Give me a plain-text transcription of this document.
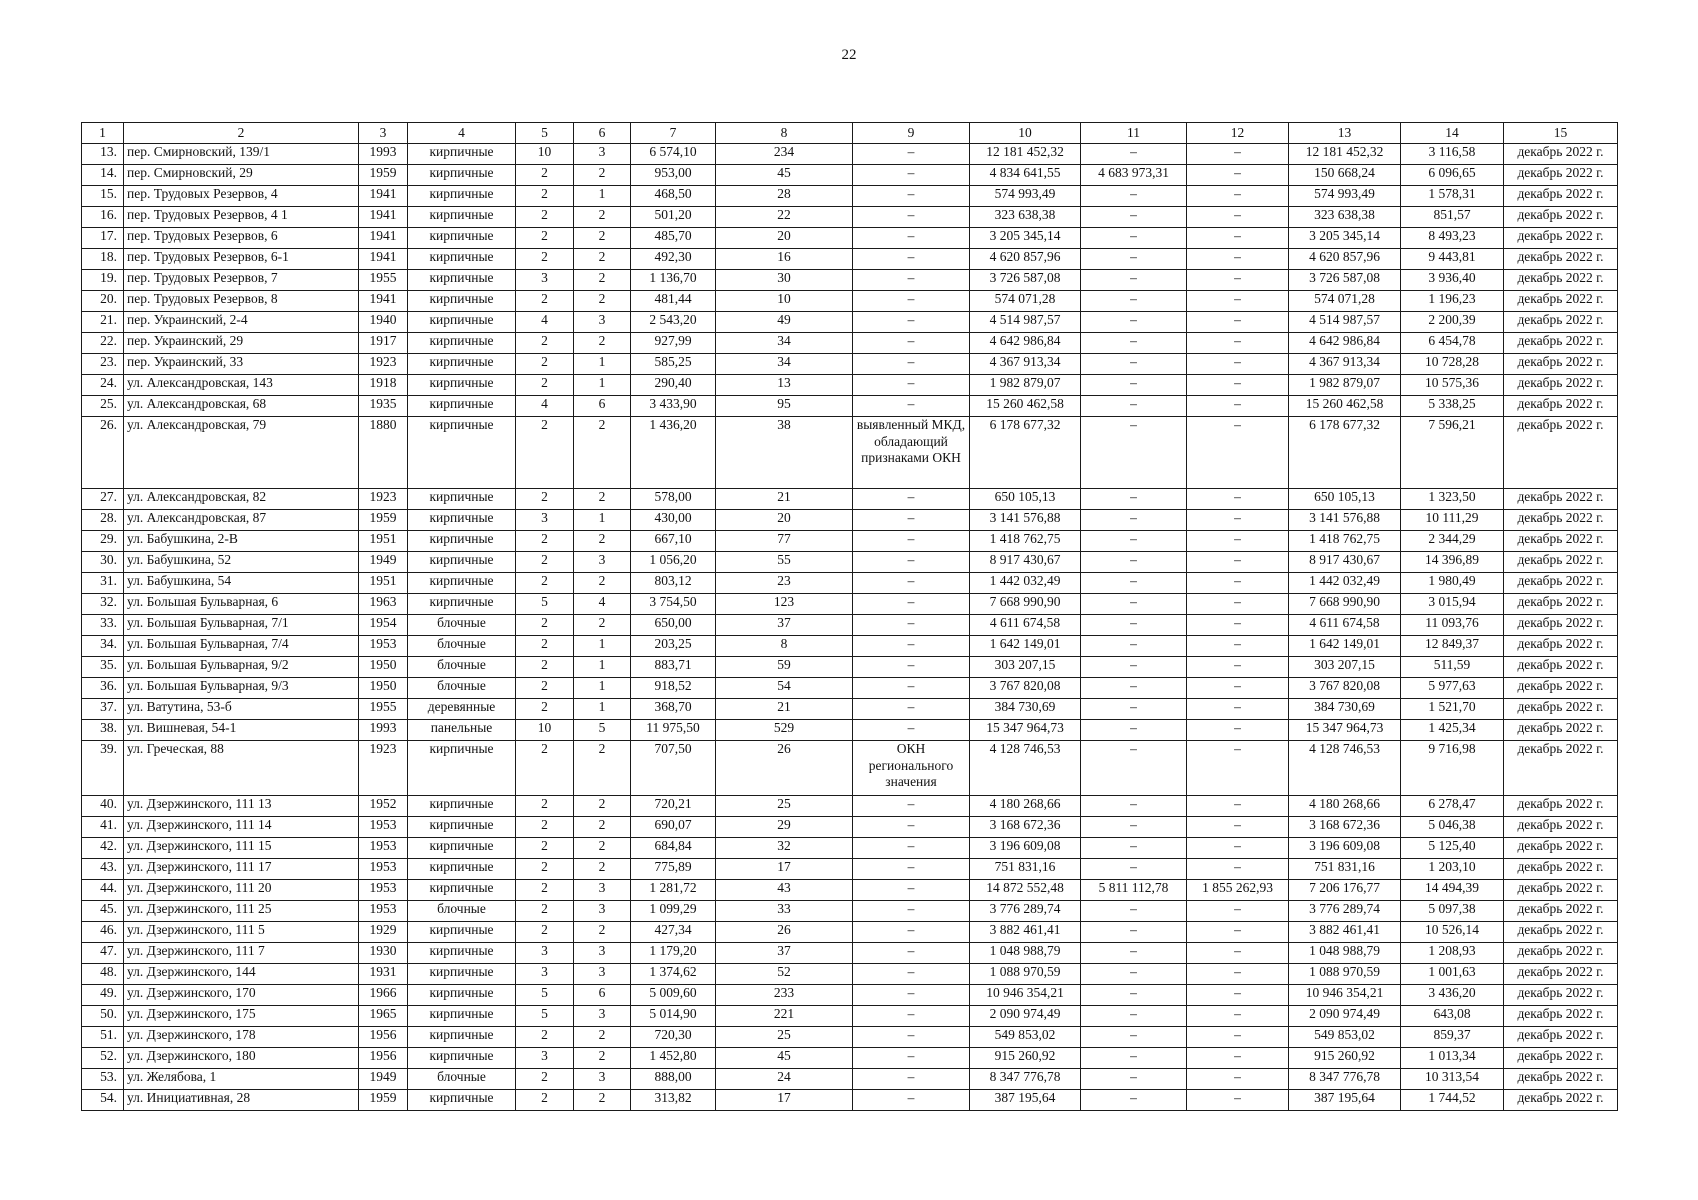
22
1	2	3	4	5	6	7	8	9	10	11	12	13	14	15
13.	пер. Смирновский, 139/1	1993	кирпичные	10	3	6 574,10	234	–	12 181 452,32	–	–	12 181 452,32	3 116,58	декабрь 2022 г.
14.	пер. Смирновский, 29	1959	кирпичные	2	2	953,00	45	–	4 834 641,55	4 683 973,31	–	150 668,24	6 096,65	декабрь 2022 г.
15.	пер. Трудовых Резервов, 4	1941	кирпичные	2	1	468,50	28	–	574 993,49	–	–	574 993,49	1 578,31	декабрь 2022 г.
16.	пер. Трудовых Резервов, 4 1	1941	кирпичные	2	2	501,20	22	–	323 638,38	–	–	323 638,38	851,57	декабрь 2022 г.
17.	пер. Трудовых Резервов, 6	1941	кирпичные	2	2	485,70	20	–	3 205 345,14	–	–	3 205 345,14	8 493,23	декабрь 2022 г.
18.	пер. Трудовых Резервов, 6-1	1941	кирпичные	2	2	492,30	16	–	4 620 857,96	–	–	4 620 857,96	9 443,81	декабрь 2022 г.
19.	пер. Трудовых Резервов, 7	1955	кирпичные	3	2	1 136,70	30	–	3 726 587,08	–	–	3 726 587,08	3 936,40	декабрь 2022 г.
20.	пер. Трудовых Резервов, 8	1941	кирпичные	2	2	481,44	10	–	574 071,28	–	–	574 071,28	1 196,23	декабрь 2022 г.
21.	пер. Украинский, 2-4	1940	кирпичные	4	3	2 543,20	49	–	4 514 987,57	–	–	4 514 987,57	2 200,39	декабрь 2022 г.
22.	пер. Украинский, 29	1917	кирпичные	2	2	927,99	34	–	4 642 986,84	–	–	4 642 986,84	6 454,78	декабрь 2022 г.
23.	пер. Украинский, 33	1923	кирпичные	2	1	585,25	34	–	4 367 913,34	–	–	4 367 913,34	10 728,28	декабрь 2022 г.
24.	ул. Александровская, 143	1918	кирпичные	2	1	290,40	13	–	1 982 879,07	–	–	1 982 879,07	10 575,36	декабрь 2022 г.
25.	ул. Александровская, 68	1935	кирпичные	4	6	3 433,90	95	–	15 260 462,58	–	–	15 260 462,58	5 338,25	декабрь 2022 г.
26.	ул. Александровская, 79	1880	кирпичные	2	2	1 436,20	38	выявленный МКД, обладающий признаками ОКН	6 178 677,32	–	–	6 178 677,32	7 596,21	декабрь 2022 г.
27.	ул. Александровская, 82	1923	кирпичные	2	2	578,00	21	–	650 105,13	–	–	650 105,13	1 323,50	декабрь 2022 г.
28.	ул. Александровская, 87	1959	кирпичные	3	1	430,00	20	–	3 141 576,88	–	–	3 141 576,88	10 111,29	декабрь 2022 г.
29.	ул. Бабушкина, 2-В	1951	кирпичные	2	2	667,10	77	–	1 418 762,75	–	–	1 418 762,75	2 344,29	декабрь 2022 г.
30.	ул. Бабушкина, 52	1949	кирпичные	2	3	1 056,20	55	–	8 917 430,67	–	–	8 917 430,67	14 396,89	декабрь 2022 г.
31.	ул. Бабушкина, 54	1951	кирпичные	2	2	803,12	23	–	1 442 032,49	–	–	1 442 032,49	1 980,49	декабрь 2022 г.
32.	ул. Большая Бульварная, 6	1963	кирпичные	5	4	3 754,50	123	–	7 668 990,90	–	–	7 668 990,90	3 015,94	декабрь 2022 г.
33.	ул. Большая Бульварная, 7/1	1954	блочные	2	2	650,00	37	–	4 611 674,58	–	–	4 611 674,58	11 093,76	декабрь 2022 г.
34.	ул. Большая Бульварная, 7/4	1953	блочные	2	1	203,25	8	–	1 642 149,01	–	–	1 642 149,01	12 849,37	декабрь 2022 г.
35.	ул. Большая Бульварная, 9/2	1950	блочные	2	1	883,71	59	–	303 207,15	–	–	303 207,15	511,59	декабрь 2022 г.
36.	ул. Большая Бульварная, 9/3	1950	блочные	2	1	918,52	54	–	3 767 820,08	–	–	3 767 820,08	5 977,63	декабрь 2022 г.
37.	ул. Ватутина, 53-б	1955	деревянные	2	1	368,70	21	–	384 730,69	–	–	384 730,69	1 521,70	декабрь 2022 г.
38.	ул. Вишневая, 54-1	1993	панельные	10	5	11 975,50	529	–	15 347 964,73	–	–	15 347 964,73	1 425,34	декабрь 2022 г.
39.	ул. Греческая, 88	1923	кирпичные	2	2	707,50	26	ОКН регионального значения	4 128 746,53	–	–	4 128 746,53	9 716,98	декабрь 2022 г.
40.	ул. Дзержинского, 111 13	1952	кирпичные	2	2	720,21	25	–	4 180 268,66	–	–	4 180 268,66	6 278,47	декабрь 2022 г.
41.	ул. Дзержинского, 111 14	1953	кирпичные	2	2	690,07	29	–	3 168 672,36	–	–	3 168 672,36	5 046,38	декабрь 2022 г.
42.	ул. Дзержинского, 111 15	1953	кирпичные	2	2	684,84	32	–	3 196 609,08	–	–	3 196 609,08	5 125,40	декабрь 2022 г.
43.	ул. Дзержинского, 111 17	1953	кирпичные	2	2	775,89	17	–	751 831,16	–	–	751 831,16	1 203,10	декабрь 2022 г.
44.	ул. Дзержинского, 111 20	1953	кирпичные	2	3	1 281,72	43	–	14 872 552,48	5 811 112,78	1 855 262,93	7 206 176,77	14 494,39	декабрь 2022 г.
45.	ул. Дзержинского, 111 25	1953	блочные	2	3	1 099,29	33	–	3 776 289,74	–	–	3 776 289,74	5 097,38	декабрь 2022 г.
46.	ул. Дзержинского, 111 5	1929	кирпичные	2	2	427,34	26	–	3 882 461,41	–	–	3 882 461,41	10 526,14	декабрь 2022 г.
47.	ул. Дзержинского, 111 7	1930	кирпичные	3	3	1 179,20	37	–	1 048 988,79	–	–	1 048 988,79	1 208,93	декабрь 2022 г.
48.	ул. Дзержинского, 144	1931	кирпичные	3	3	1 374,62	52	–	1 088 970,59	–	–	1 088 970,59	1 001,63	декабрь 2022 г.
49.	ул. Дзержинского, 170	1966	кирпичные	5	6	5 009,60	233	–	10 946 354,21	–	–	10 946 354,21	3 436,20	декабрь 2022 г.
50.	ул. Дзержинского, 175	1965	кирпичные	5	3	5 014,90	221	–	2 090 974,49	–	–	2 090 974,49	643,08	декабрь 2022 г.
51.	ул. Дзержинского, 178	1956	кирпичные	2	2	720,30	25	–	549 853,02	–	–	549 853,02	859,37	декабрь 2022 г.
52.	ул. Дзержинского, 180	1956	кирпичные	3	2	1 452,80	45	–	915 260,92	–	–	915 260,92	1 013,34	декабрь 2022 г.
53.	ул. Желябова, 1	1949	блочные	2	3	888,00	24	–	8 347 776,78	–	–	8 347 776,78	10 313,54	декабрь 2022 г.
54.	ул. Инициативная, 28	1959	кирпичные	2	2	313,82	17	–	387 195,64	–	–	387 195,64	1 744,52	декабрь 2022 г.
